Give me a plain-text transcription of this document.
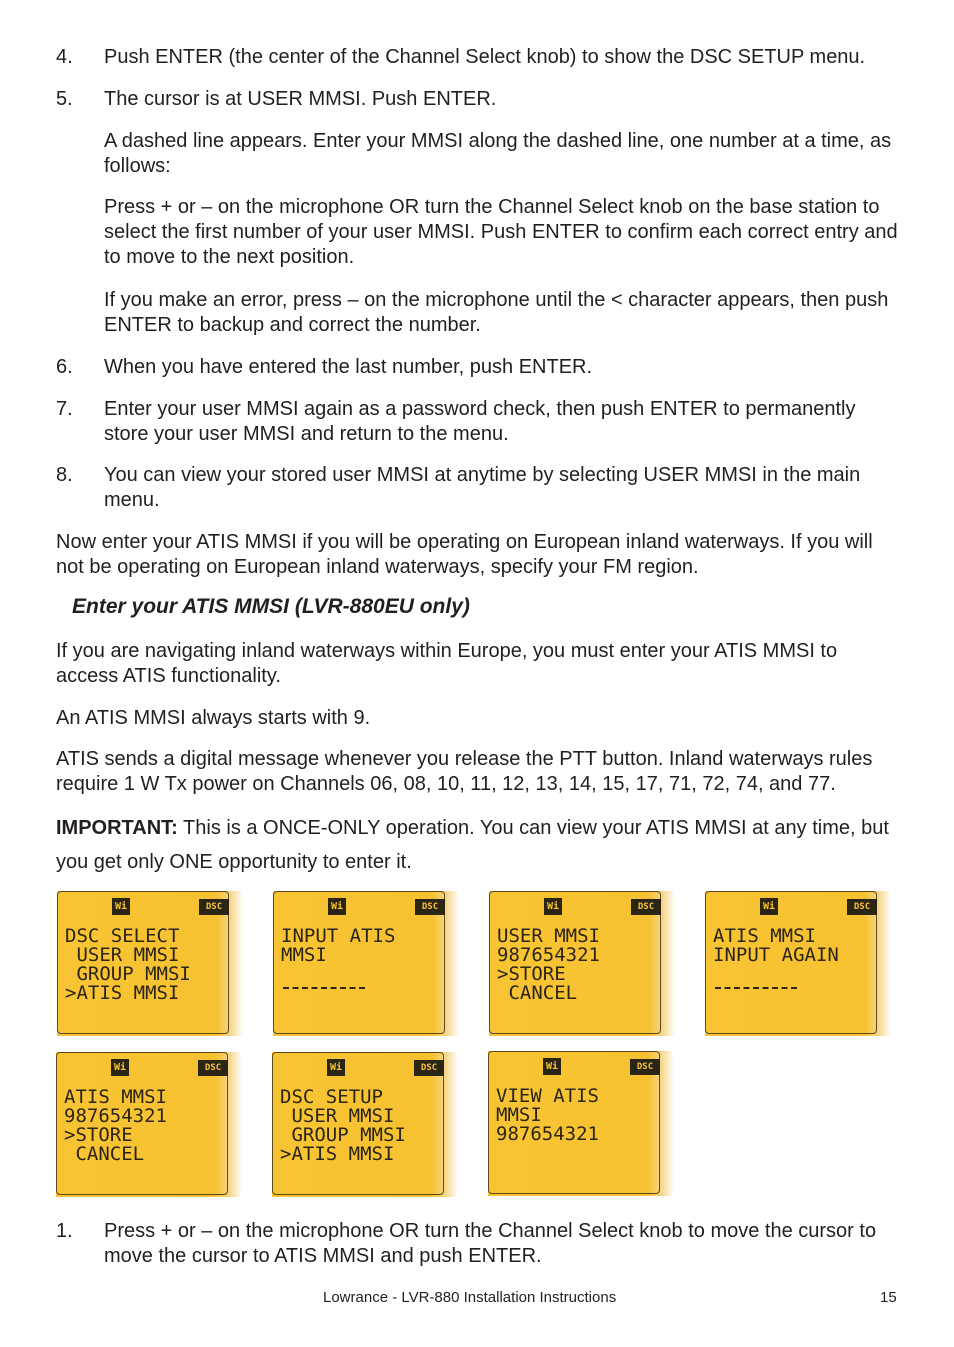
4.	Push ENTER (the center of the Channel Select knob) to show the DSC SETUP menu.
5.	The cursor is at USER MMSI. Push ENTER.
A dashed line appears. Enter your MMSI along the dashed line, one number at a time, as follows:
Press + or – on the microphone OR turn the Channel Select knob on the base station to select the first number of your user MMSI. Push ENTER to confirm each correct entry and to move to the next position.
If you make an error, press – on the microphone until the < character appears, then push ENTER to backup and correct the number.
6.	When you have entered the last number, push ENTER.
7.	Enter your user MMSI again as a password check, then push ENTER to permanently store your user MMSI and return to the menu.
8.	You can view your stored user MMSI at anytime by selecting USER MMSI in the main menu.
Now enter your ATIS MMSI if you will be operating on European inland waterways. If you will not be operating on European inland waterways, specify your FM region.
Enter your ATIS MMSI (LVR-880EU only)
If you are navigating inland waterways within Europe, you must enter your ATIS MMSI to access ATIS functionality.
An ATIS MMSI always starts with 9.
ATIS sends a digital message whenever you release the PTT button. Inland waterways rules require 1 W Tx power on Channels 06, 08, 10, 11, 12, 13, 14, 15, 17, 71, 72, 74, and 77.
IMPORTANT: This is a ONCE-ONLY operation. You can view your ATIS MMSI at any time, but
you get only ONE opportunity to enter it.
Wi	DSC
DSC SELECT
USER MMSI
GROUP MMSI
>ATIS MMSI
Wi	DSC
INPUT ATIS
MMSI
Wi	DSC
USER MMSI
987654321
>STORE
CANCEL
Wi	DSC
ATIS MMSI
INPUT AGAIN
Wi	DSC
ATIS MMSI
987654321
>STORE
CANCEL
Wi	DSC
DSC SETUP
USER MMSI
GROUP MMSI
>ATIS MMSI
Wi	DSC
VIEW ATIS
MMSI
987654321
1.	Press + or – on the microphone OR turn the Channel Select knob to move the cursor to move the cursor to ATIS MMSI and push ENTER.
Lowrance - LVR-880 Installation Instructions	15
